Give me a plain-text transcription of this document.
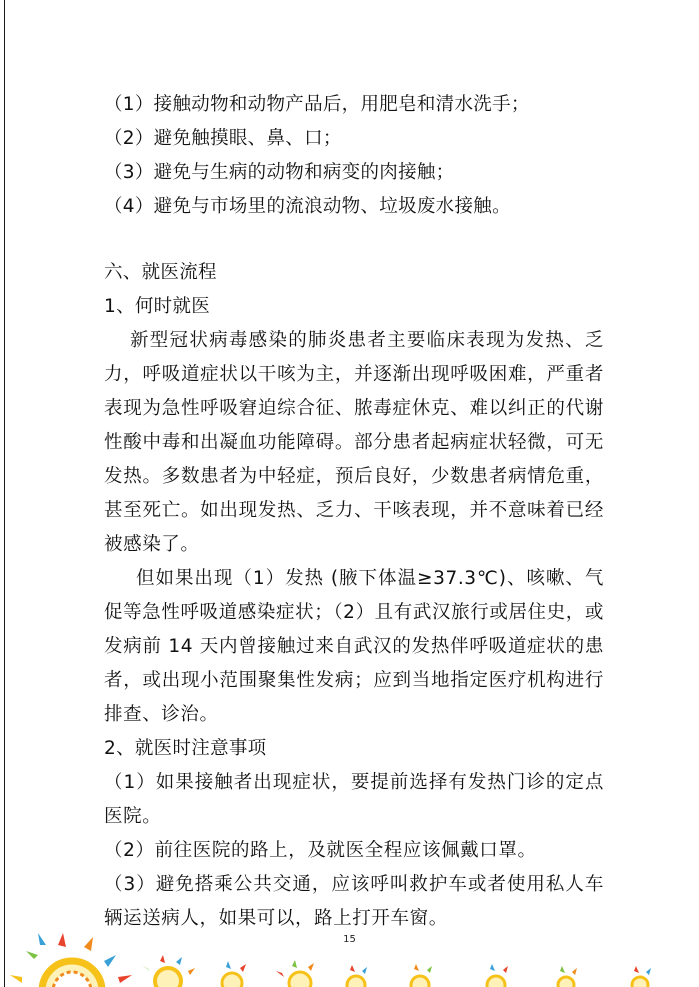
（1）接触动物和动物产品后，用肥皂和清水洗手；
（2）避免触摸眼、鼻、口；
（3）避免与生病的动物和病变的肉接触；
（4）避免与市场里的流浪动物、垃圾废水接触。
六、就医流程
1、何时就医
新型冠状病毒感染的肺炎患者主要临床表现为发热、乏力，呼吸道症状以干咳为主，并逐渐出现呼吸困难，严重者表现为急性呼吸窘迫综合征、脓毒症休克、难以纠正的代谢性酸中毒和出凝血功能障碍。部分患者起病症状轻微，可无发热。多数患者为中轻症，预后良好，少数患者病情危重，甚至死亡。如出现发热、乏力、干咳表现，并不意味着已经被感染了。
但如果出现（1）发热 (腋下体温≥37.3℃)、咳嗽、气促等急性呼吸道感染症状；（2）且有武汉旅行或居住史，或发病前 14 天内曾接触过来自武汉的发热伴呼吸道症状的患者，或出现小范围聚集性发病；应到当地指定医疗机构进行排查、诊治。
2、就医时注意事项
（1）如果接触者出现症状，要提前选择有发热门诊的定点医院。
（2）前往医院的路上，及就医全程应该佩戴口罩。
（3）避免搭乘公共交通，应该呼叫救护车或者使用私人车辆运送病人，如果可以，路上打开车窗。
15
